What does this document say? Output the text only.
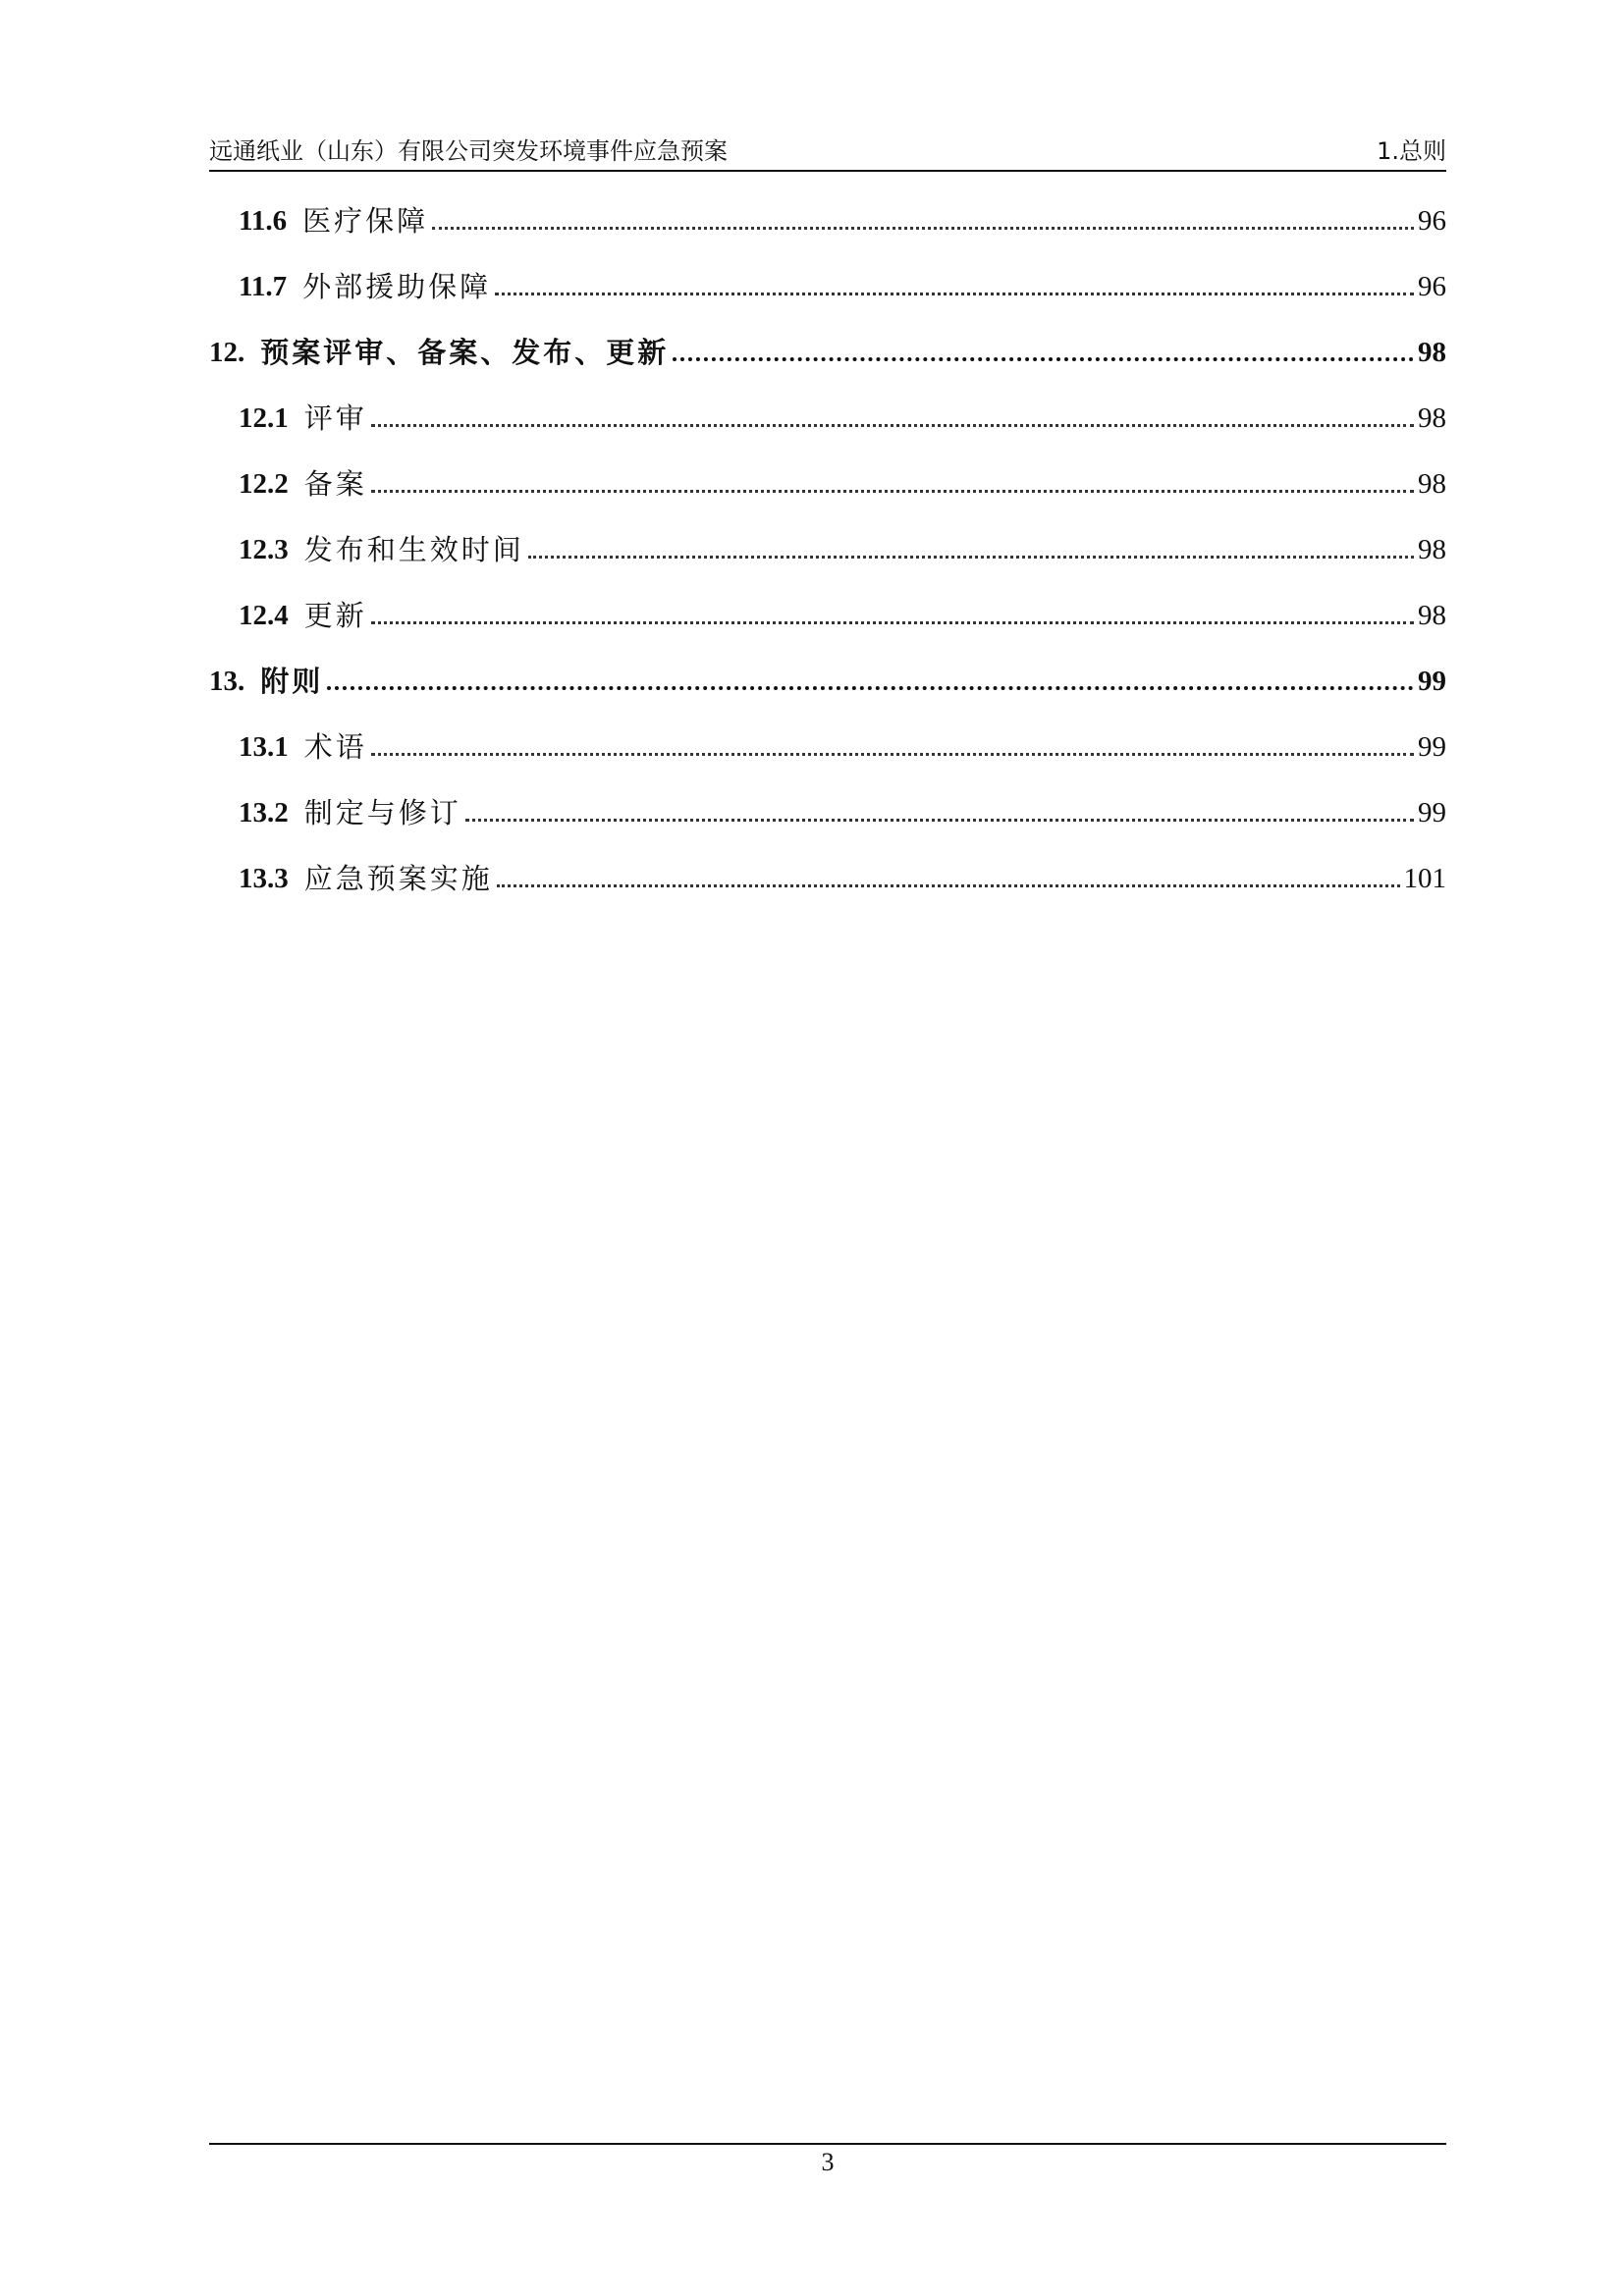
远通纸业（山东）有限公司突发环境事件应急预案	1.总则
11.6 医疗保障	96
11.7 外部援助保障	96
12. 预案评审、备案、发布、更新	98
12.1 评审	98
12.2 备案	98
12.3 发布和生效时间	98
12.4 更新	98
13. 附则	99
13.1 术语	99
13.2 制定与修订	99
13.3 应急预案实施	101
3
